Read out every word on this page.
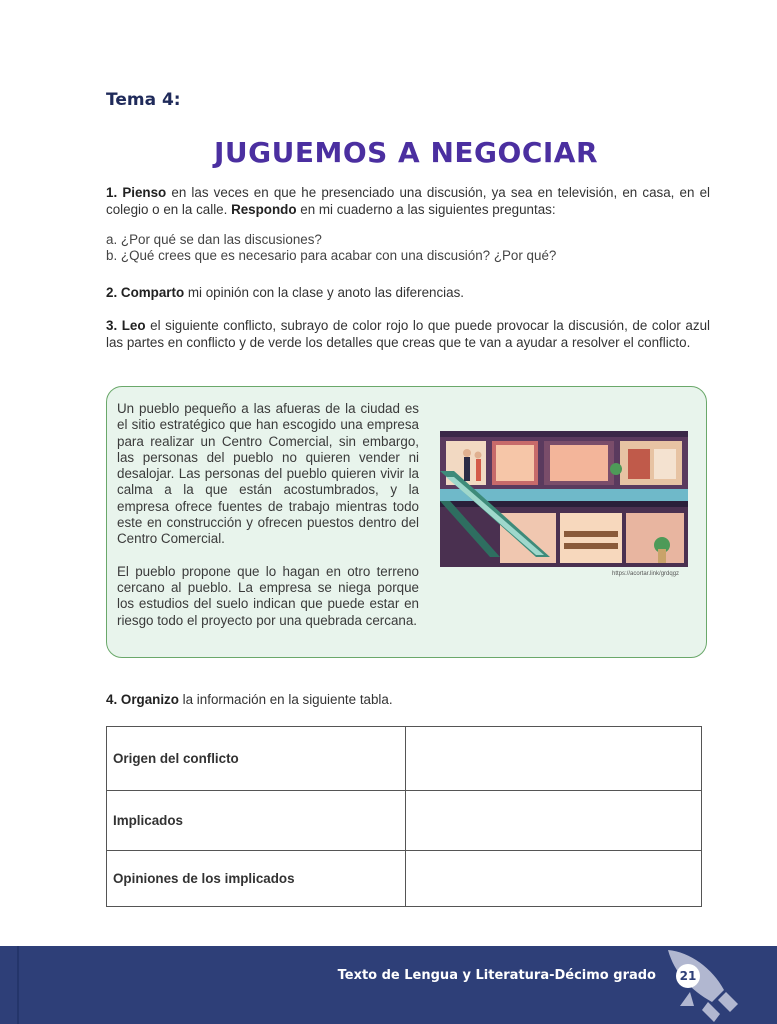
Tema 4:
JUGUEMOS A NEGOCIAR
1. Pienso en las veces en que he presenciado una discusión, ya sea en televisión, en casa, en el colegio o en la calle. Respondo en mi cuaderno a las siguientes preguntas:
a. ¿Por qué se dan las discusiones?
b. ¿Qué crees que es necesario para acabar con una discusión? ¿Por qué?
2. Comparto mi opinión con la clase y anoto las diferencias.
3. Leo el siguiente conflicto, subrayo de color rojo lo que puede provocar la discusión, de color azul las partes en conflicto y de verde los detalles que creas que te van a ayudar a resolver el conflicto.

Un pueblo pequeño a las afueras de la ciudad es el sitio estratégico que han escogido una empresa para realizar un Centro Comercial, sin embargo, las personas del pueblo no quieren vender ni desalojar. Las personas del pueblo quieren vivir la calma a la que están acostumbrados, y la empresa ofrece fuentes de trabajo mientras todo este en construcción y ofrecen puestos dentro del Centro Comercial.

El pueblo propone que lo hagan en otro terreno cercano al pueblo. La empresa se niega porque los estudios del suelo indican que puede estar en riesgo todo el proyecto por una quebrada cercana.

https://acortar.link/grdqgz
4. Organizo la información en la siguiente tabla.
Origen del conflicto	
Implicados	
Opiniones de los implicados	
Texto de Lengua y Literatura-Décimo grado	21
